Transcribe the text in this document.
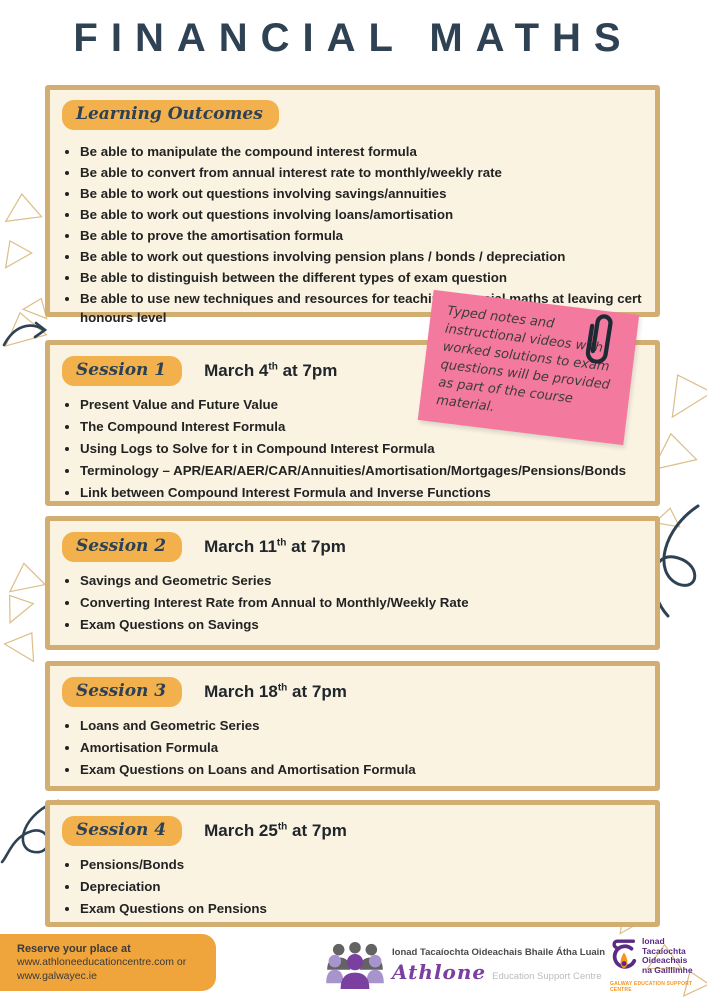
FINANCIAL MATHS
Learning Outcomes
• Be able to manipulate the compound interest formula
• Be able to convert from annual interest rate to monthly/weekly rate
• Be able to work out questions involving savings/annuities
• Be able to work out questions involving loans/amortisation
• Be able to prove the amortisation formula
• Be able to work out questions involving pension plans / bonds / depreciation
• Be able to distinguish between the different types of exam question
• Be able to use new techniques and resources for teaching financial maths at leaving cert honours level	Typed notes and instructional videos with worked solutions to exam questions will be provided as part of the course material.

Session 1	March 4th at 7pm
• Present Value and Future Value
• The Compound Interest Formula
• Using Logs to Solve for t in Compound Interest Formula
• Terminology – APR/EAR/AER/CAR/Annuities/Amortisation/Mortgages/Pensions/Bonds
• Link between Compound Interest Formula and Inverse Functions
Session 2	March 11th at 7pm
• Savings and Geometric Series
• Converting Interest Rate from Annual to Monthly/Weekly Rate
• Exam Questions on Savings
Session 3	March 18th at 7pm
• Loans and Geometric Series
• Amortisation Formula
• Exam Questions on Loans and Amortisation Formula
Session 4	March 25th at 7pm
• Pensions/Bonds
• Depreciation
• Exam Questions on Pensions
Reserve your place at
www.athloneeducationcentre.com or
www.galwayec.ie
Ionad Tacaíochta Oideachais Bhaile Átha Luain
Athlone Education Support Centre
Ionad
Tacaíochta
Oideachais
na Gaillimhe
GALWAY EDUCATION SUPPORT CENTRE
